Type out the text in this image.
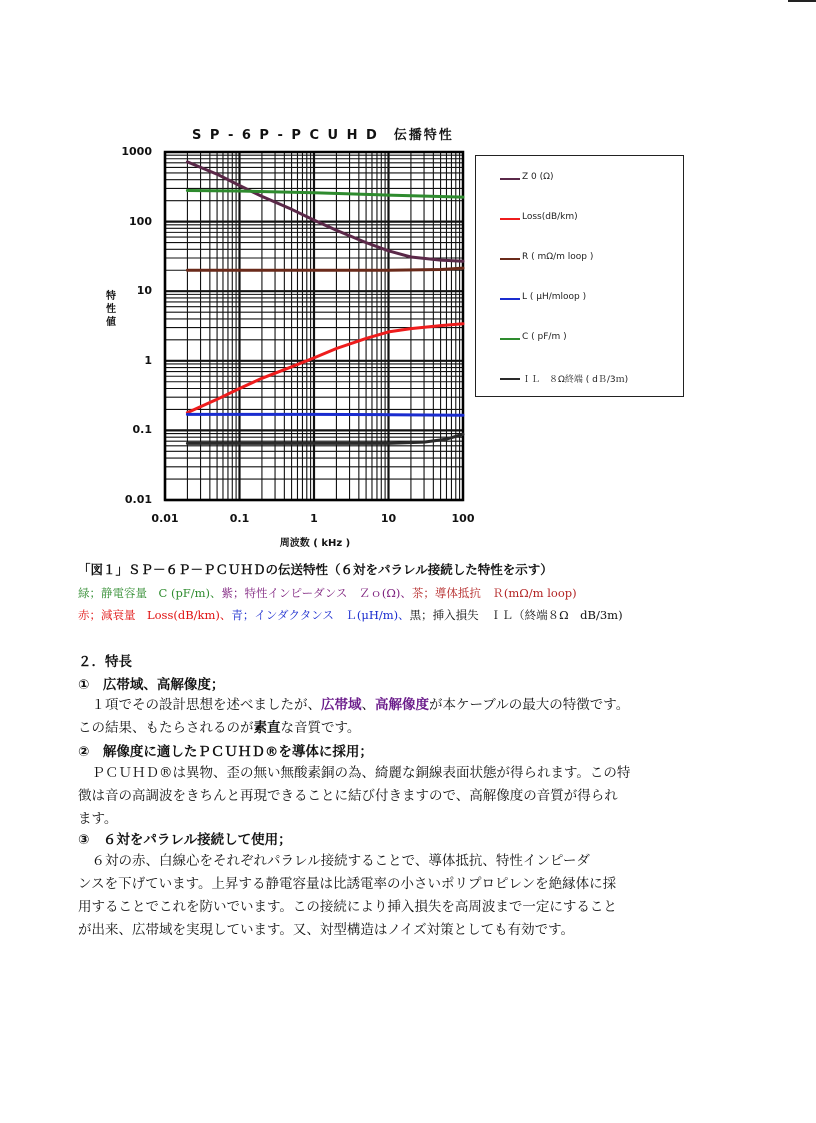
S P - 6 P - P C U H D　伝播特性
特性値
周波数 ( kHz )
1000
100
10
1
0.1
0.01
0.01	0.1	1	10	100
Z 0 (Ω)
Loss(dB/km)
R ( mΩ/m loop )
L ( μH/mloop )
C ( pF/m )
ＩＬ　８Ω終端 ( dＢ/3ｍ)
「図１」ＳＰ－６Ｐ－ＰＣＵＨＤの伝送特性（６対をパラレル接続した特性を示す）
緑；静電容量　C (pF/m)、紫；特性インピーダンス　Ｚｏ(Ω)、茶；導体抵抗　Ｒ(mΩ/m loop)
赤；減衰量　Loss(dB/km)、青；インダクタンス　Ｌ(μH/m)、黒；挿入損失　ＩＬ（終端８Ω　dB/3m)
２．特長
①　広帯域、高解像度；
　１項でその設計思想を述べましたが、広帯域、高解像度が本ケーブルの最大の特徴です。
この結果、もたらされるのが素直な音質です。
②　解像度に適したＰＣＵＨＤ®を導体に採用；
　ＰＣＵＨＤ®は異物、歪の無い無酸素銅の為、綺麗な銅線表面状態が得られます。この特
徴は音の高調波をきちんと再現できることに結び付きますので、高解像度の音質が得られ
ます。
③　６対をパラレル接続して使用；
　６対の赤、白線心をそれぞれパラレル接続することで、導体抵抗、特性インピーダ
ンスを下げています。上昇する静電容量は比誘電率の小さいポリプロピレンを絶縁体に採
用することでこれを防いでいます。この接続により挿入損失を高周波まで一定にすること
が出来、広帯域を実現しています。又、対型構造はノイズ対策としても有効です。
